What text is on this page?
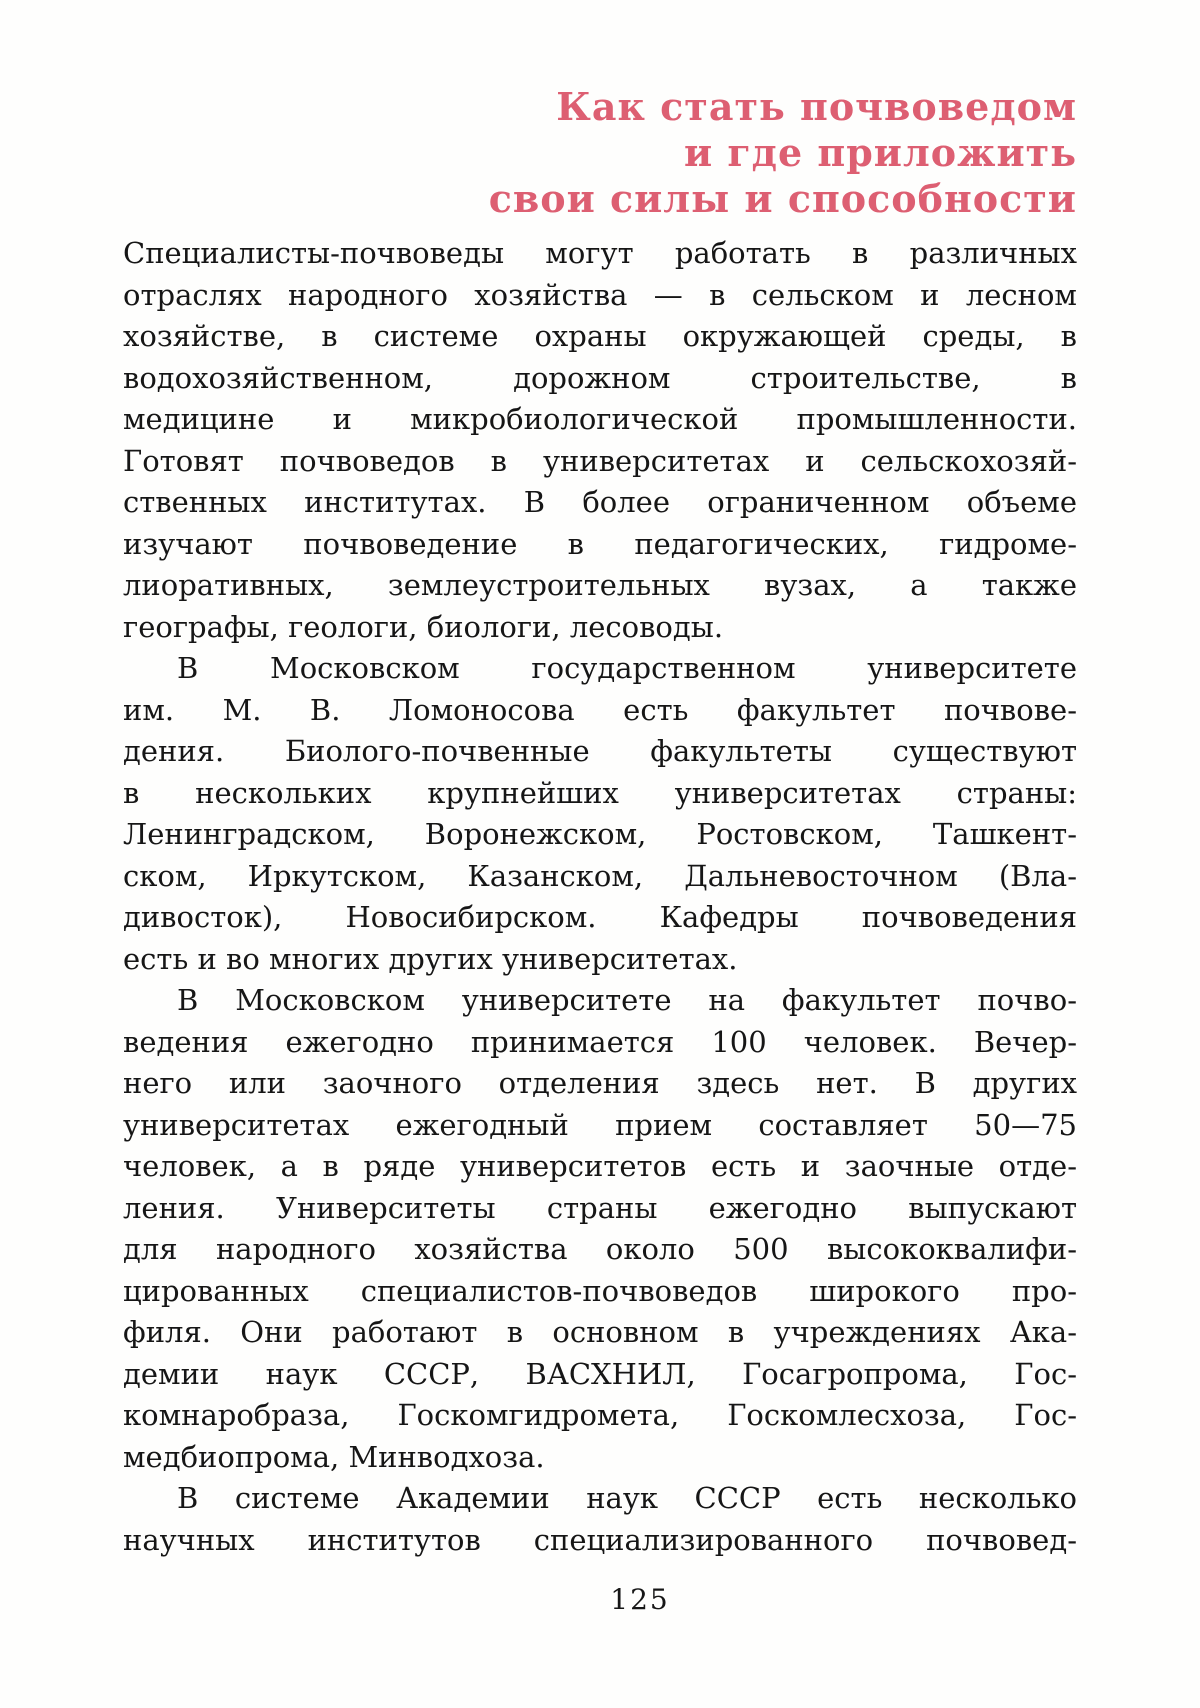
Как стать почвоведом
и где приложить
свои силы и способности
Специалисты-почвоведы могут работать в различных
отраслях народного хозяйства — в сельском и лесном
хозяйстве, в системе охраны окружающей среды, в
водохозяйственном, дорожном строительстве, в
медицине и микробиологической промышленности.
Готовят почвоведов в университетах и сельскохозяй-
ственных институтах. В более ограниченном объеме
изучают почвоведение в педагогических, гидроме-
лиоративных, землеустроительных вузах, а также
географы, геологи, биологи, лесоводы.
В Московском государственном университете
им. М. В. Ломоносова есть факультет почвове-
дения. Биолого-почвенные факультеты существуют
в нескольких крупнейших университетах страны:
Ленинградском, Воронежском, Ростовском, Ташкент-
ском, Иркутском, Казанском, Дальневосточном (Вла-
дивосток), Новосибирском. Кафедры почвоведения
есть и во многих других университетах.
В Московском университете на факультет почво-
ведения ежегодно принимается 100 человек. Вечер-
него или заочного отделения здесь нет. В других
университетах ежегодный прием составляет 50—75
человек, а в ряде университетов есть и заочные отде-
ления. Университеты страны ежегодно выпускают
для народного хозяйства около 500 высококвалифи-
цированных специалистов-почвоведов широкого про-
филя. Они работают в основном в учреждениях Ака-
демии наук СССР, ВАСХНИЛ, Госагропрома, Гос-
комнаробраза, Госкомгидромета, Госкомлесхоза, Гос-
медбиопрома, Минводхоза.
В системе Академии наук СССР есть несколько
научных институтов специализированного почвовед-
125
